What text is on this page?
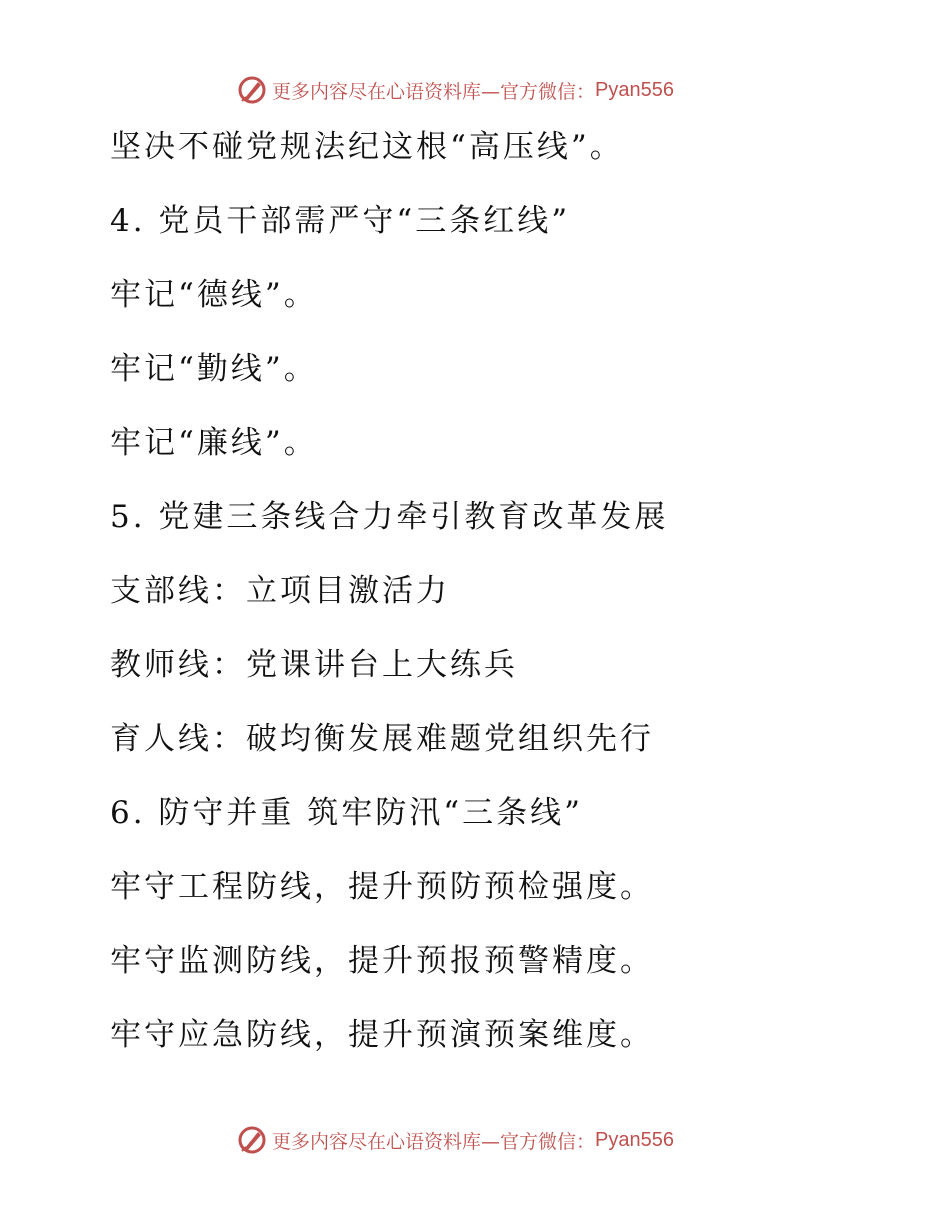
更多内容尽在心语资料库—官方微信： Pyan556
坚决不碰党规法纪这根“高压线”。
4. 党员干部需严守“三条红线”
牢记“德线”。
牢记“勤线”。
牢记“廉线”。
5. 党建三条线合力牵引教育改革发展
支部线：立项目激活力
教师线：党课讲台上大练兵
育人线：破均衡发展难题党组织先行
6. 防守并重 筑牢防汛“三条线”
牢守工程防线，提升预防预检强度。
牢守监测防线，提升预报预警精度。
牢守应急防线，提升预演预案维度。
更多内容尽在心语资料库—官方微信： Pyan556
